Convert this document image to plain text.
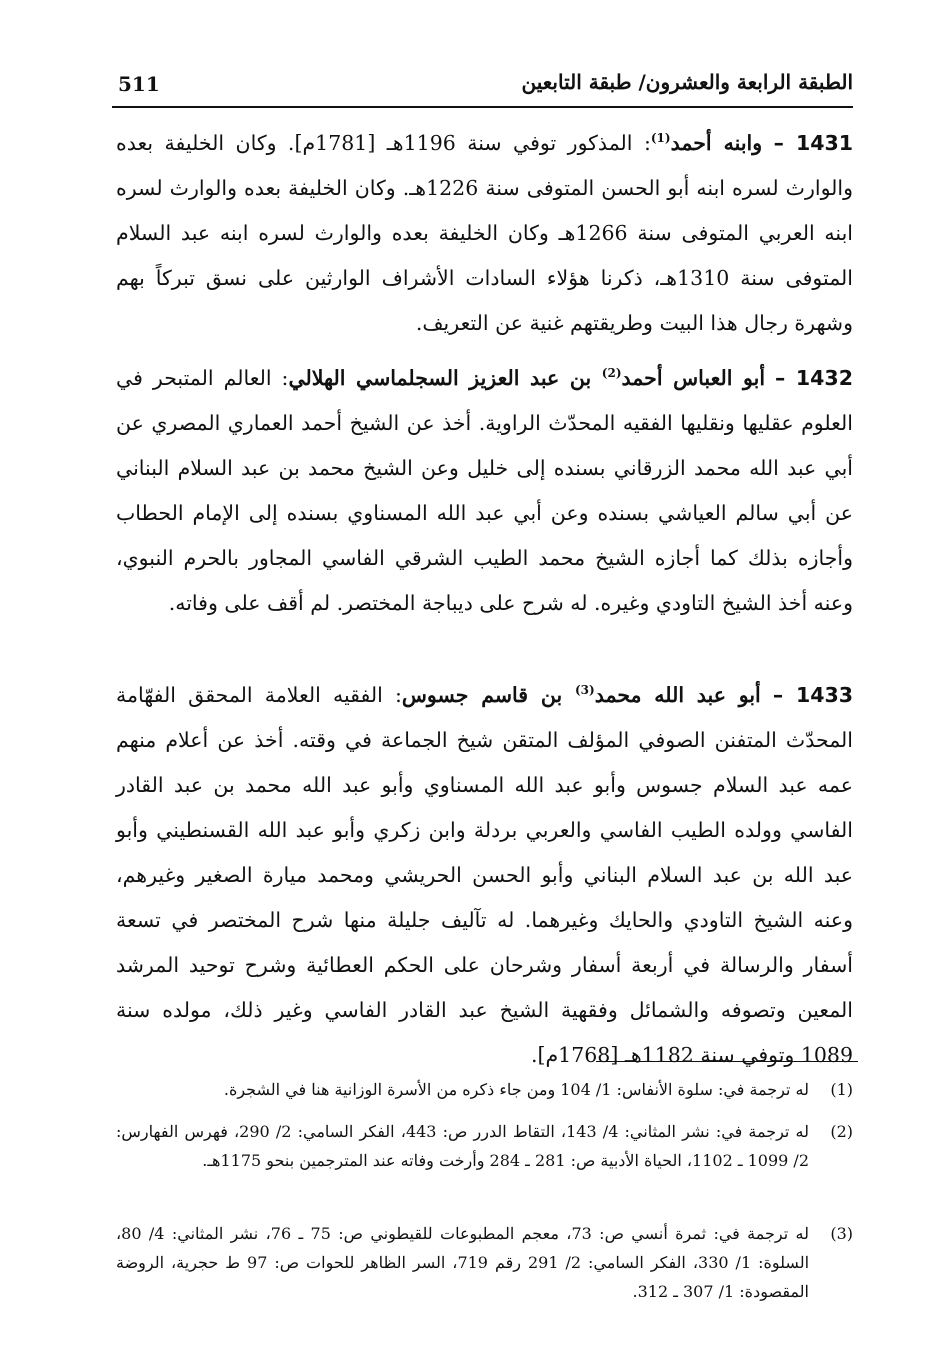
511	الطبقة الرابعة والعشرون/ طبقة التابعين

1431 – وابنه أحمد$^{(1)}$: المذكور توفي سنة 1196هـ [1781م]. وكان الخليفة بعده والوارث لسره ابنه أبو الحسن المتوفى سنة 1226هـ. وكان الخليفة بعده والوارث لسره ابنه العربي المتوفى سنة 1266هـ وكان الخليفة بعده والوارث لسره ابنه عبد السلام المتوفى سنة 1310هـ، ذكرنا هؤلاء السادات الأشراف الوارثين على نسق تبركاً بهم وشهرة رجال هذا البيت وطريقتهم غنية عن التعريف.

1432 – أبو العباس أحمد$^{(2)}$ بن عبد العزيز السجلماسي الهلالي: العالم المتبحر في العلوم عقليها ونقليها الفقيه المحدّث الراوية. أخذ عن الشيخ أحمد العماري المصري عن أبي عبد الله محمد الزرقاني بسنده إلى خليل وعن الشيخ محمد بن عبد السلام البناني عن أبي سالم العياشي بسنده وعن أبي عبد الله المسناوي بسنده إلى الإمام الحطاب وأجازه بذلك كما أجازه الشيخ محمد الطيب الشرقي الفاسي المجاور بالحرم النبوي، وعنه أخذ الشيخ التاودي وغيره. له شرح على ديباجة المختصر. لم أقف على وفاته.

1433 – أبو عبد الله محمد$^{(3)}$ بن قاسم جسوس: الفقيه العلامة المحقق الفهّامة المحدّث المتفنن الصوفي المؤلف المتقن شيخ الجماعة في وقته. أخذ عن أعلام منهم عمه عبد السلام جسوس وأبو عبد الله المسناوي وأبو عبد الله محمد بن عبد القادر الفاسي وولده الطيب الفاسي والعربي بردلة وابن زكري وأبو عبد الله القسنطيني وأبو عبد الله بن عبد السلام البناني وأبو الحسن الحريشي ومحمد ميارة الصغير وغيرهم، وعنه الشيخ التاودي والحايك وغيرهما. له تآليف جليلة منها شرح المختصر في تسعة أسفار والرسالة في أربعة أسفار وشرحان على الحكم العطائية وشرح توحيد المرشد المعين وتصوفه والشمائل وفقهية الشيخ عبد القادر الفاسي وغير ذلك، مولده سنة 1089 وتوفي سنة 1182هـ [1768م].

(1)
له ترجمة في: سلوة الأنفاس: 1/ 104 ومن جاء ذكره من الأسرة الوزانية هنا في الشجرة.
(2)
له ترجمة في: نشر المثاني: 4/ 143، التقاط الدرر ص: 443، الفكر السامي: 2/ 290، فهرس الفهارس: 2/ 1099 ـ 1102، الحياة الأدبية ص: 281 ـ 284 وأرخت وفاته عند المترجمين بنحو 1175هـ.
(3)
له ترجمة في: ثمرة أنسي ص: 73، معجم المطبوعات للقيطوني ص: 75 ـ 76، نشر المثاني: 4/ 80، السلوة: 1/ 330، الفكر السامي: 2/ 291 رقم 719، السر الظاهر للحوات ص: 97 ط حجرية، الروضة المقصودة: 1/ 307 ـ 312.
